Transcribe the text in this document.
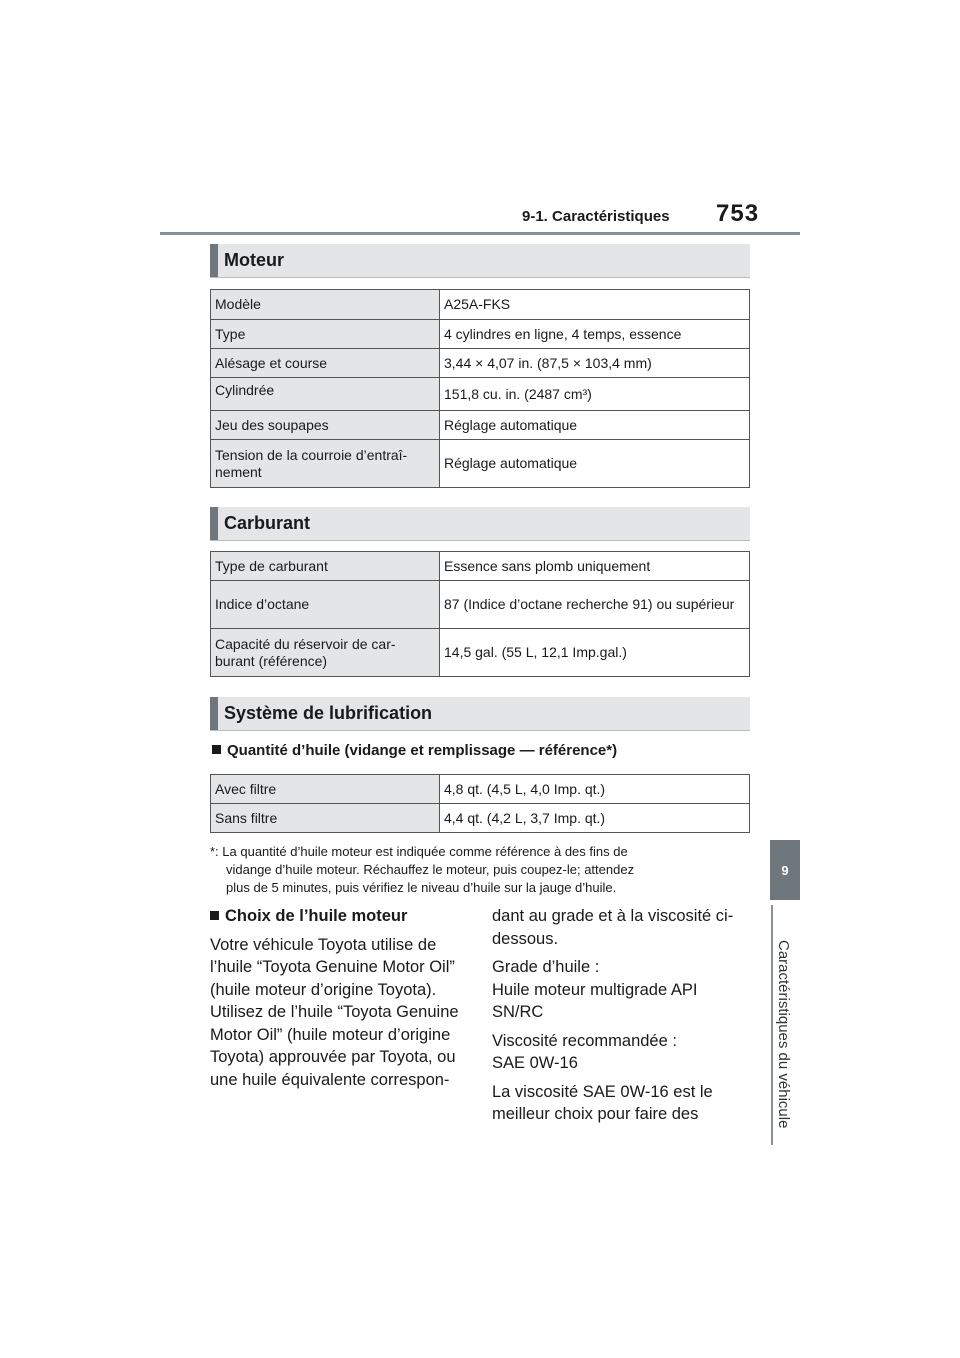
9-1. Caractéristiques 753
9
Caractéristiques du véhicule
Moteur
Modèle	A25A-FKS
Type	4 cylindres en ligne, 4 temps, essence
Alésage et course	3,44 × 4,07 in. (87,5 × 103,4 mm)
Cylindrée	151,8 cu. in. (2487 cm³)
Jeu des soupapes	Réglage automatique
Tension de la courroie d’entraî- nement	Réglage automatique
Carburant
Type de carburant	Essence sans plomb uniquement
Indice d’octane	87 (Indice d’octane recherche 91) ou supérieur
Capacité du réservoir de car- burant (référence)	14,5 gal. (55 L, 12,1 Imp.gal.)
Système de lubrification
Quantité d’huile (vidange et remplissage — référence*)
Avec filtre	4,8 qt. (4,5 L, 4,0 Imp. qt.)
Sans filtre	4,4 qt. (4,2 L, 3,7 Imp. qt.)
*: La quantité d’huile moteur est indiquée comme référence à des fins de
vidange d’huile moteur. Réchauffez le moteur, puis coupez-le; attendez
plus de 5 minutes, puis vérifiez le niveau d’huile sur la jauge d’huile.

Choix de l’huile moteur

Votre véhicule Toyota utilise de l’huile “Toyota Genuine Motor Oil” (huile moteur d’origine Toyota). Utilisez de l’huile “Toyota Genuine Motor Oil” (huile moteur d’origine Toyota) approuvée par Toyota, ou une huile équivalente correspon-

dant au grade et à la viscosité ci-dessous.

Grade d’huile :
Huile moteur multigrade API SN/RC

Viscosité recommandée :
SAE 0W-16

La viscosité SAE 0W-16 est le meilleur choix pour faire des
